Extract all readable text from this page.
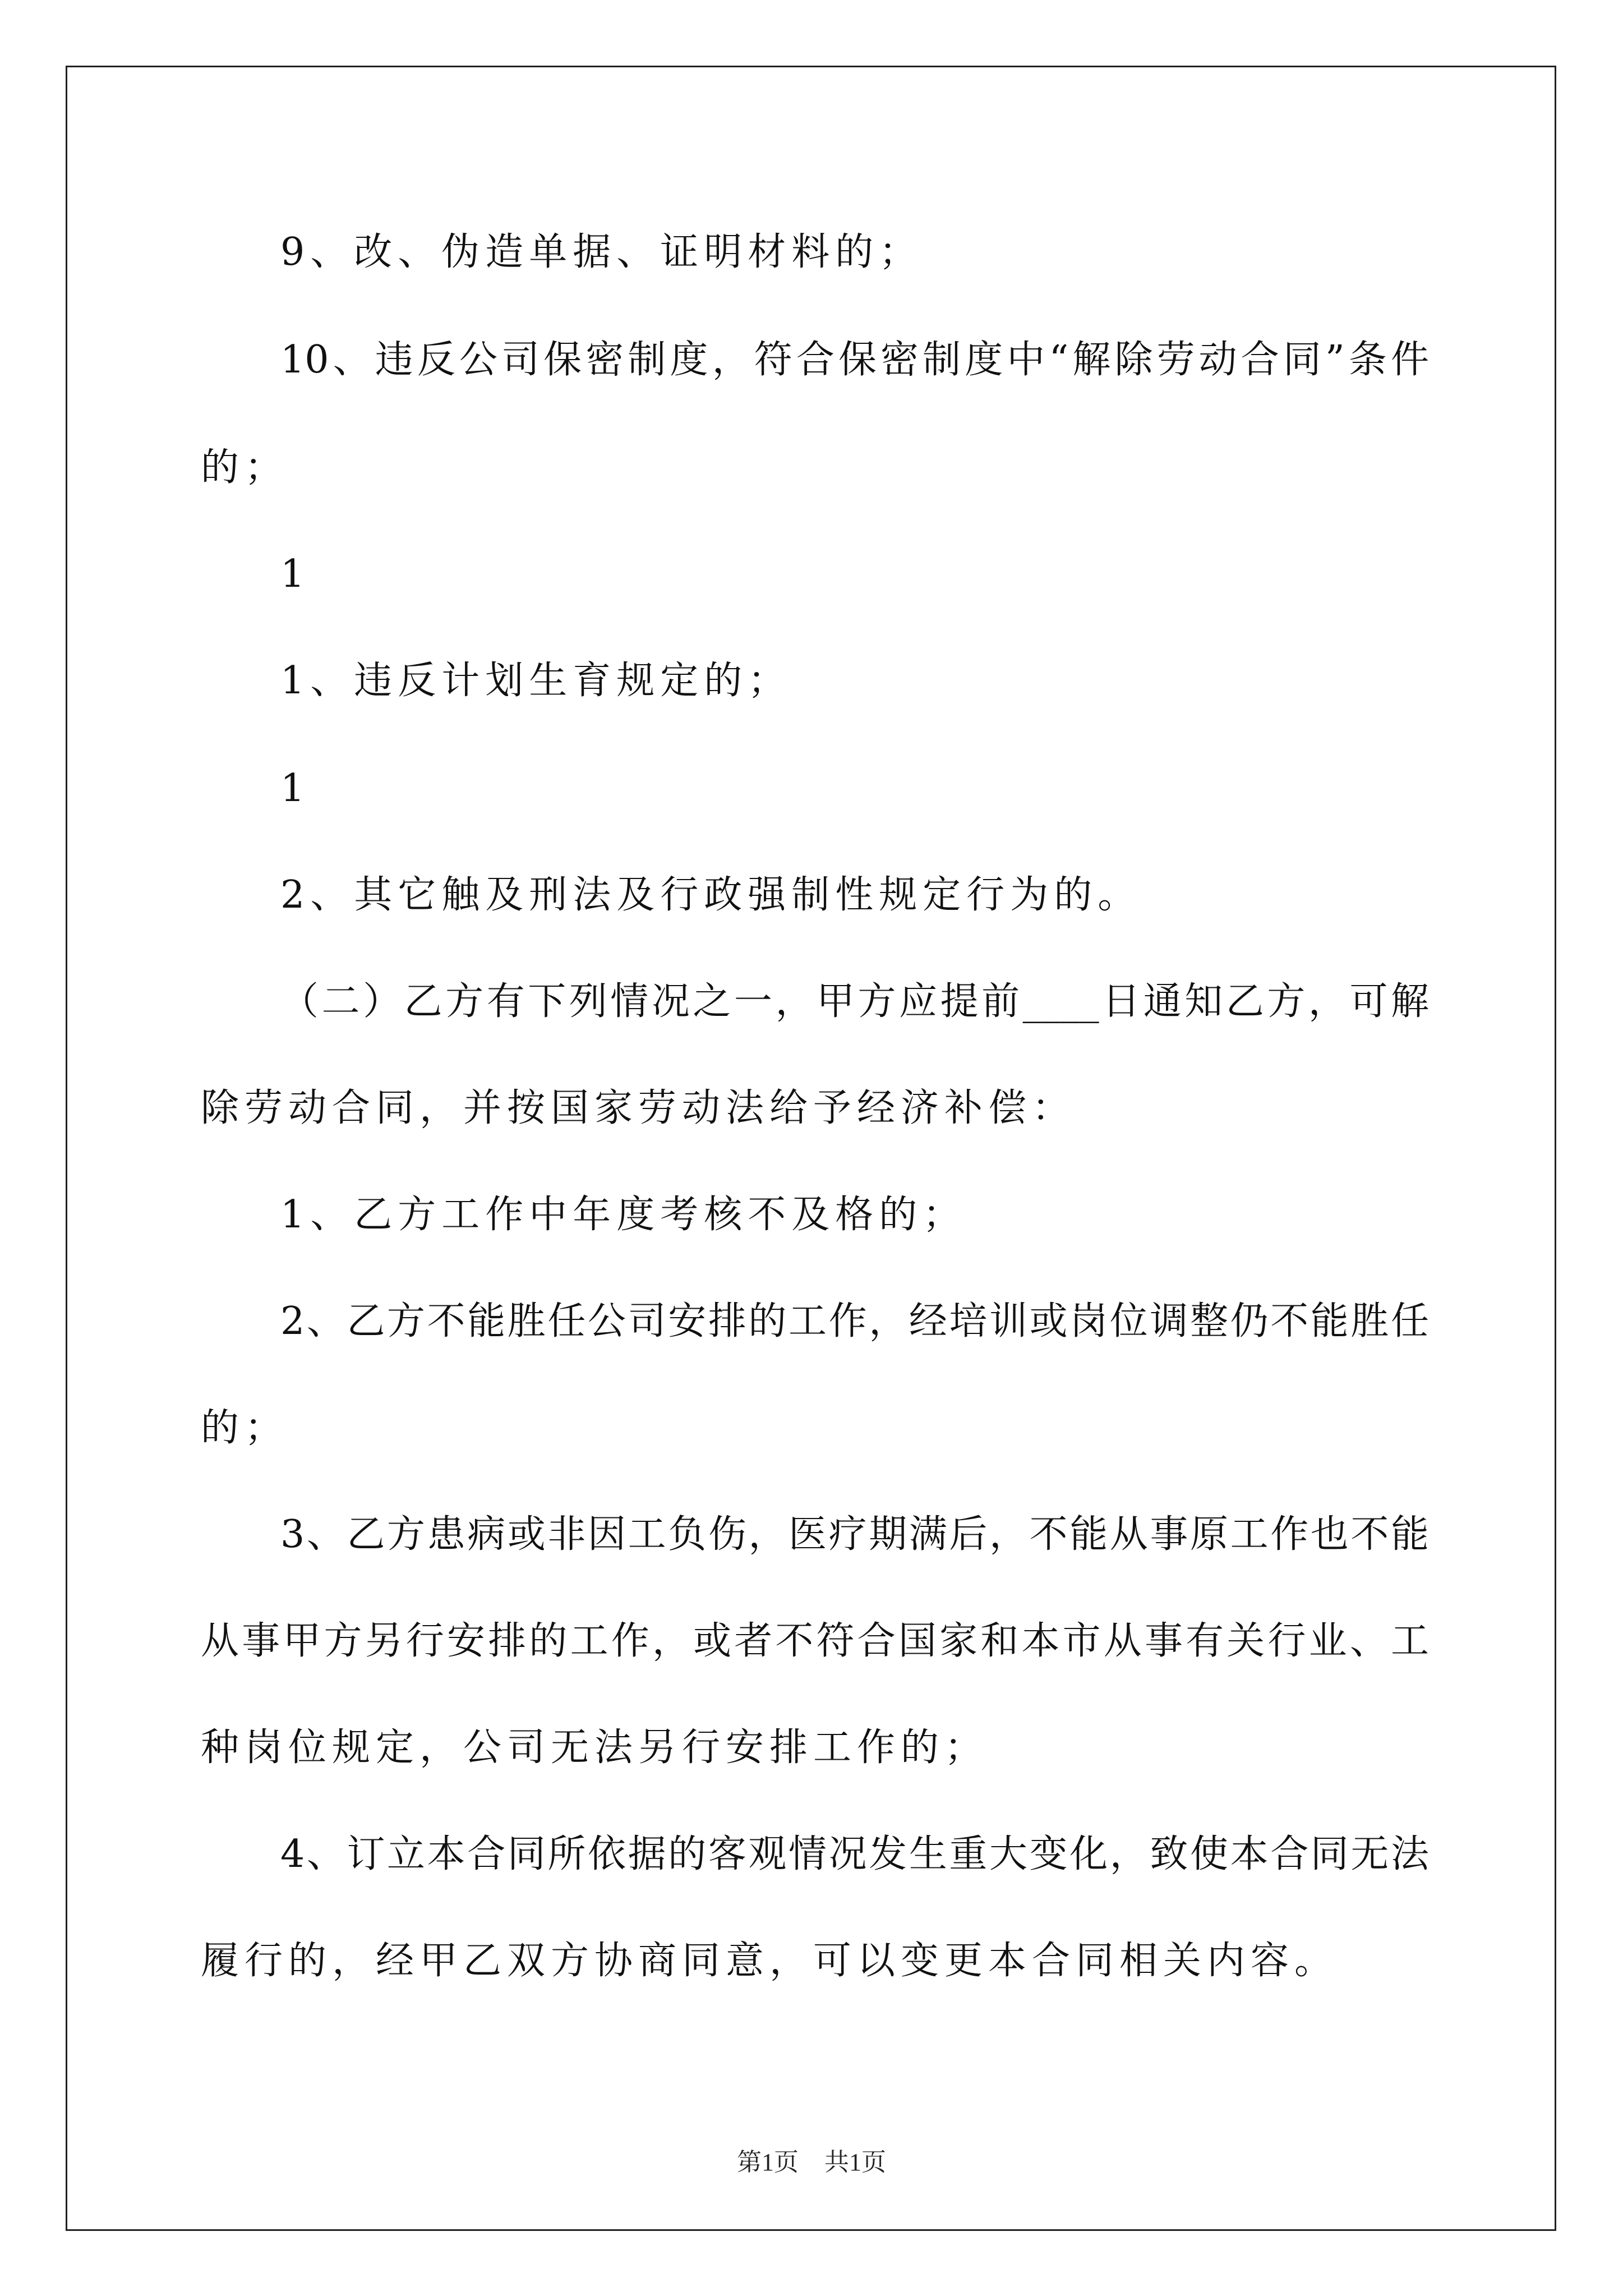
9、改、伪造单据、证明材料的；
10、违反公司保密制度，符合保密制度中“解除劳动合同”条件
的；
1
1、违反计划生育规定的；
1
2、其它触及刑法及行政强制性规定行为的。
（二）乙方有下列情况之一，甲方应提前____日通知乙方，可解
除劳动合同，并按国家劳动法给予经济补偿：
1、乙方工作中年度考核不及格的；
2、乙方不能胜任公司安排的工作，经培训或岗位调整仍不能胜任
的；
3、乙方患病或非因工负伤，医疗期满后，不能从事原工作也不能
从事甲方另行安排的工作，或者不符合国家和本市从事有关行业、工
种岗位规定，公司无法另行安排工作的；
4、订立本合同所依据的客观情况发生重大变化，致使本合同无法
履行的，经甲乙双方协商同意，可以变更本合同相关内容。
第1页 共1页
